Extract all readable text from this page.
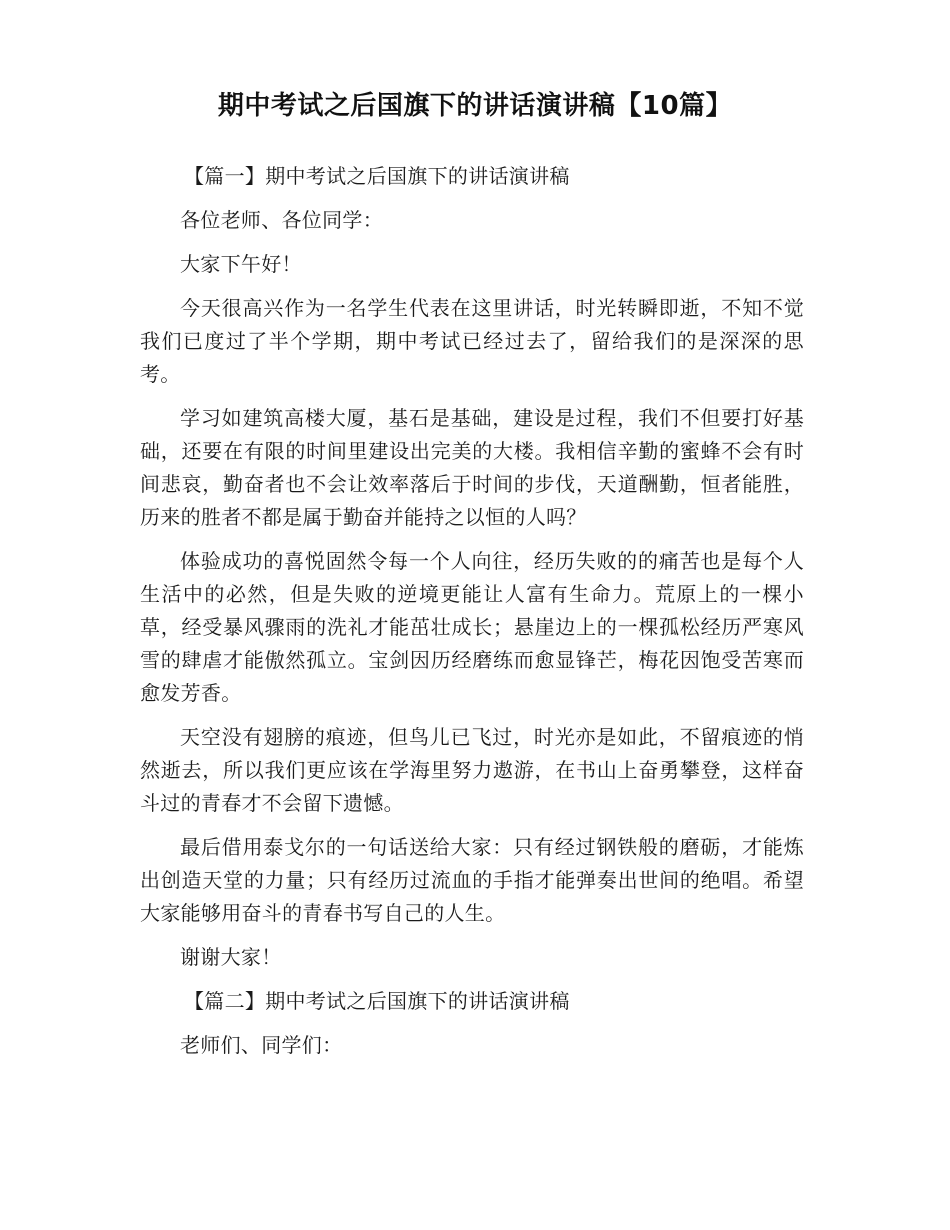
期中考试之后国旗下的讲话演讲稿【10篇】

【篇一】期中考试之后国旗下的讲话演讲稿

各位老师、各位同学：

大家下午好！

今天很高兴作为一名学生代表在这里讲话，时光转瞬即逝，不知不觉我们已度过了半个学期，期中考试已经过去了，留给我们的是深深的思考。

学习如建筑高楼大厦，基石是基础，建设是过程，我们不但要打好基础，还要在有限的时间里建设出完美的大楼。我相信辛勤的蜜蜂不会有时间悲哀，勤奋者也不会让效率落后于时间的步伐，天道酬勤，恒者能胜，历来的胜者不都是属于勤奋并能持之以恒的人吗？

体验成功的喜悦固然令每一个人向往，经历失败的的痛苦也是每个人生活中的必然，但是失败的逆境更能让人富有生命力。荒原上的一棵小草，经受暴风骤雨的洗礼才能茁壮成长；悬崖边上的一棵孤松经历严寒风雪的肆虐才能傲然孤立。宝剑因历经磨练而愈显锋芒，梅花因饱受苦寒而愈发芳香。

天空没有翅膀的痕迹，但鸟儿已飞过，时光亦是如此，不留痕迹的悄然逝去，所以我们更应该在学海里努力遨游，在书山上奋勇攀登，这样奋斗过的青春才不会留下遗憾。

最后借用泰戈尔的一句话送给大家：只有经过钢铁般的磨砺，才能炼出创造天堂的力量；只有经历过流血的手指才能弹奏出世间的绝唱。希望大家能够用奋斗的青春书写自己的人生。

谢谢大家！

【篇二】期中考试之后国旗下的讲话演讲稿

老师们、同学们：
